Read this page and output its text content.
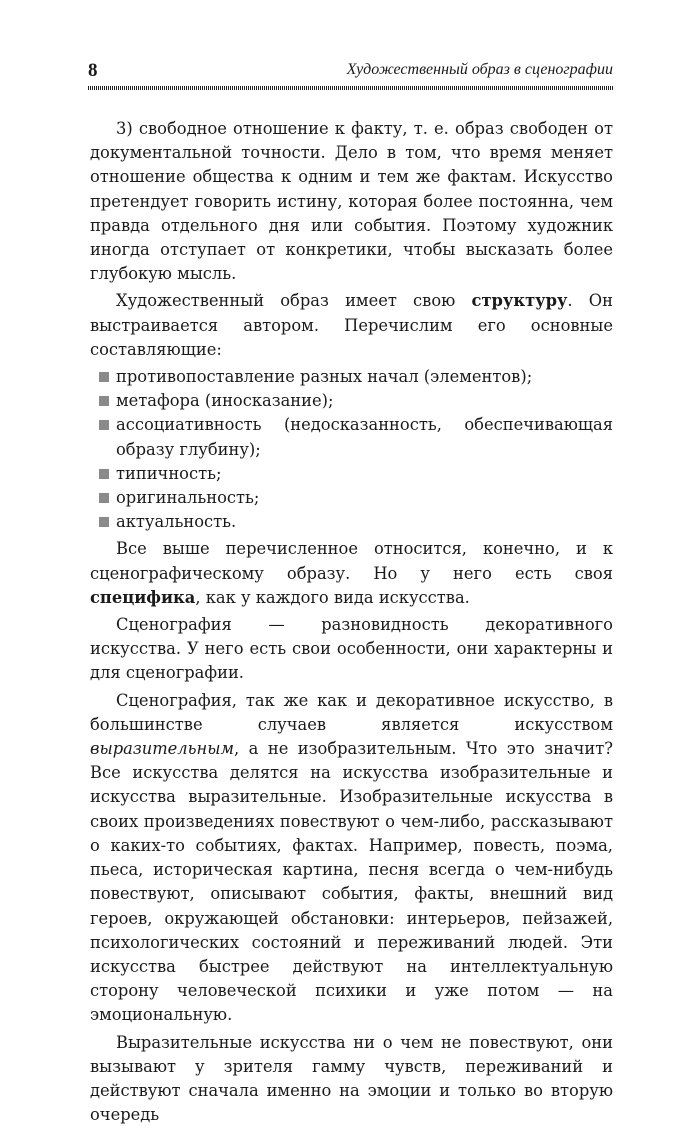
8	Художественный образ в сценографии

3) свободное отношение к факту, т. е. образ свободен от документальной точности. Дело в том, что время меняет отношение общества к одним и тем же фактам. Искусство претендует говорить истину, которая более постоянна, чем правда отдельного дня или события. Поэтому художник иногда отступает от конкретики, чтобы высказать более глубокую мысль.

Художественный образ имеет свою структуру. Он выстраивается автором. Перечислим его основные составляющие:

противопоставление разных начал (элементов);
метафора (иносказание);
ассоциативность (недосказанность, обеспечивающая образу глубину);
типичность;
оригинальность;
актуальность.

Все выше перечисленное относится, конечно, и к сценографическому образу. Но у него есть своя специфика, как у каждого вида искусства.

Сценография — разновидность декоративного искусства. У него есть свои особенности, они характерны и для сценографии.

Сценография, так же как и декоративное искусство, в большинстве случаев является искусством выразительным, а не изобразительным. Что это значит? Все искусства делятся на искусства изобразительные и искусства выразительные. Изобразительные искусства в своих произведениях повествуют о чем-либо, рассказывают о каких-то событиях, фактах. Например, повесть, поэма, пьеса, историческая картина, песня всегда о чем-нибудь повествуют, описывают события, факты, внешний вид героев, окружающей обстановки: интерьеров, пейзажей, психологических состояний и переживаний людей. Эти искусства быстрее действуют на интеллектуальную сторону человеческой психики и уже потом — на эмоциональную.

Выразительные искусства ни о чем не повествуют, они вызывают у зрителя гамму чувств, переживаний и действуют сначала именно на эмоции и только во вторую очередь
